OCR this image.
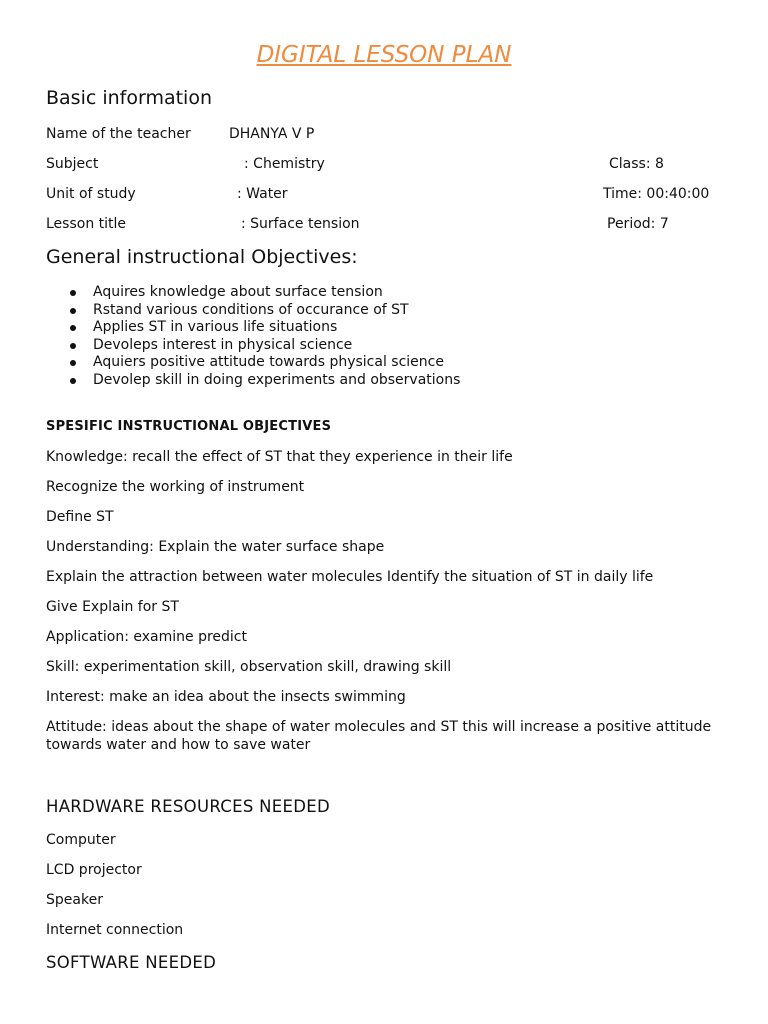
DIGITAL LESSON PLAN
Basic information
Name of the teacher	DHANYA V P
Subject	: Chemistry	Class: 8
Unit of study	: Water	Time: 00:40:00
Lesson title	: Surface tension	Period: 7
General instructional Objectives:
Aquires knowledge about surface tension
Rstand various conditions of occurance of ST
Applies ST in various life situations
Devoleps interest in physical science
Aquiers positive attitude towards physical science
Devolep skill in doing experiments and observations
SPESIFIC INSTRUCTIONAL OBJECTIVES
Knowledge: recall the effect of ST that they experience in their life
Recognize the working of instrument
Define ST
Understanding: Explain the water surface shape
Explain the attraction between water molecules Identify the situation of ST in daily life
Give Explain for ST
Application: examine predict
Skill: experimentation skill, observation skill, drawing skill
Interest: make an idea about the insects swimming
Attitude: ideas about the shape of water molecules and ST this will increase a positive attitude towards water and how to save water
HARDWARE RESOURCES NEEDED
Computer
LCD projector
Speaker
Internet connection
SOFTWARE NEEDED
